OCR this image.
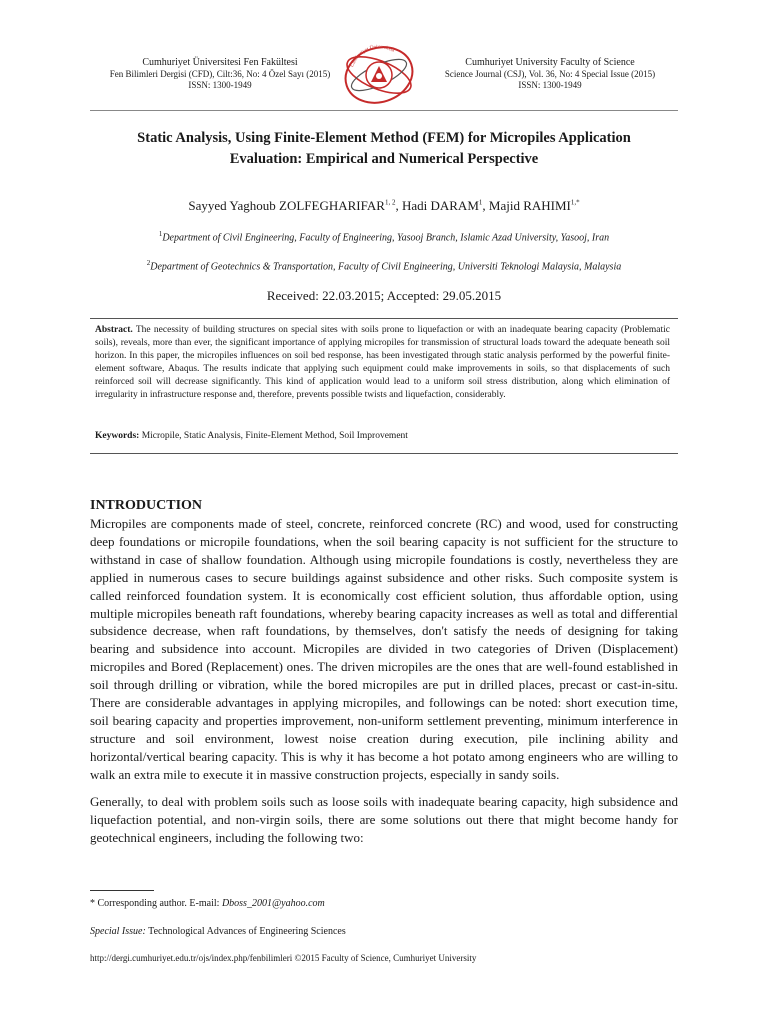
Cumhuriyet Üniversitesi Fen Fakültesi
Fen Bilimleri Dergisi (CFD), Cilt:36, No: 4 Özel Sayı (2015)
ISSN: 1300-1949
Cumhuriyet Üniversitesi
Cumhuriyet University Faculty of Science
Science Journal (CSJ), Vol. 36, No: 4 Special Issue (2015)
ISSN: 1300-1949
Static Analysis, Using Finite-Element Method (FEM) for Micropiles Application
Evaluation: Empirical and Numerical Perspective
Sayyed Yaghoub ZOLFEGHARIFAR$^{1, 2}$, Hadi DARAM$^1$, Majid $RAHIMI^{1,*}$
$^1$Department of Civil Engineering, Faculty of Engineering, Yasooj Branch, Islamic Azad University, Yasooj, Iran
$^2$Department of Geotechnics & Transportation, Faculty of Civil Engineering, Universiti Teknologi Malaysia, Malaysia
Received: 22.03.2015; Accepted: 29.05.2015
Abstract. The necessity of building structures on special sites with soils prone to liquefaction or with an inadequate bearing capacity (Problematic soils), reveals, more than ever, the significant importance of applying micropiles for transmission of structural loads toward the adequate beneath soil horizon. In this paper, the micropiles influences on soil bed response, has been investigated through static analysis performed by the powerful finite-element software, Abaqus. The results indicate that applying such equipment could make improvements in soils, so that displacements of such reinforced soil will decrease significantly. This kind of application would lead to a uniform soil stress distribution, along which elimination of irregularity in infrastructure response and, therefore, prevents possible twists and liquefaction, considerably.
Keywords: Micropile, Static Analysis, Finite-Element Method, Soil Improvement
INTRODUCTION
Micropiles are components made of steel, concrete, reinforced concrete (RC) and wood, used for constructing deep foundations or micropile foundations, when the soil bearing capacity is not sufficient for the structure to withstand in case of shallow foundation. Although using micropile foundations is costly, nevertheless they are applied in numerous cases to secure buildings against subsidence and other risks. Such composite system is called reinforced foundation system. It is economically cost efficient solution, thus affordable option, using multiple micropiles beneath raft foundations, whereby bearing capacity increases as well as total and differential subsidence decrease, when raft foundations, by themselves, don't satisfy the needs of designing for taking bearing and subsidence into account. Micropiles are divided in two categories of Driven (Displacement) micropiles and Bored (Replacement) ones. The driven micropiles are the ones that are well-found established in soil through drilling or vibration, while the bored micropiles are put in drilled places, precast or cast-in-situ. There are considerable advantages in applying micropiles, and followings can be noted: short execution time, soil bearing capacity and properties improvement, non-uniform settlement preventing, minimum interference in structure and soil environment, lowest noise creation during execution, pile inclining ability and horizontal/vertical bearing capacity. This is why it has become a hot potato among engineers who are willing to walk an extra mile to execute it in massive construction projects, especially in sandy soils.
Generally, to deal with problem soils such as loose soils with inadequate bearing capacity, high subsidence and liquefaction potential, and non-virgin soils, there are some solutions out there that might become handy for geotechnical engineers, including the following two:
* Corresponding author. E-mail: Dboss_2001@yahoo.com
Special Issue: Technological Advances of Engineering Sciences
http://dergi.cumhuriyet.edu.tr/ojs/index.php/fenbilimleri ©2015 Faculty of Science, Cumhuriyet University
